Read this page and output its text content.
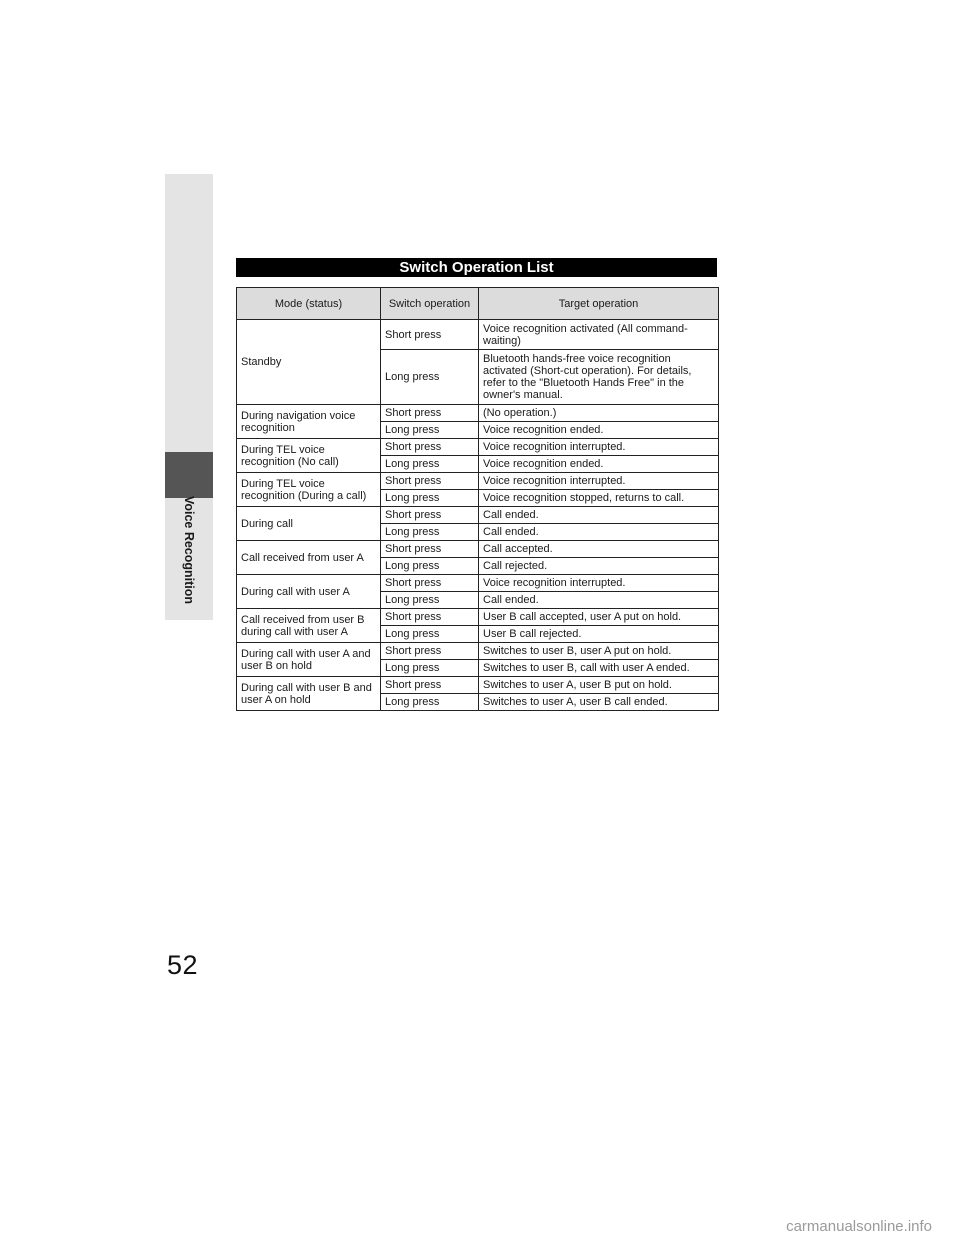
Voice Recognition
Switch Operation List
Mode (status)	Switch operation	Target operation
Standby	Short press	Voice recognition activated (All command-waiting)
	Long press	Bluetooth hands-free voice recognition activated (Short-cut operation). For details, refer to the "Bluetooth Hands Free" in the owner's manual.
During navigation voice recognition	Short press	(No operation.)
	Long press	Voice recognition ended.
During TEL voice recognition (No call)	Short press	Voice recognition interrupted.
	Long press	Voice recognition ended.
During TEL voice recognition (During a call)	Short press	Voice recognition interrupted.
	Long press	Voice recognition stopped, returns to call.
During call	Short press	Call ended.
	Long press	Call ended.
Call received from user A	Short press	Call accepted.
	Long press	Call rejected.
During call with user A	Short press	Voice recognition interrupted.
	Long press	Call ended.
Call received from user B during call with user A	Short press	User B call accepted, user A put on hold.
	Long press	User B call rejected.
During call with user A and user B on hold	Short press	Switches to user B, user A put on hold.
	Long press	Switches to user B, call with user A ended.
During call with user B and user A on hold	Short press	Switches to user A, user B put on hold.
	Long press	Switches to user A, user B call ended.
52
carmanualsonline.info
